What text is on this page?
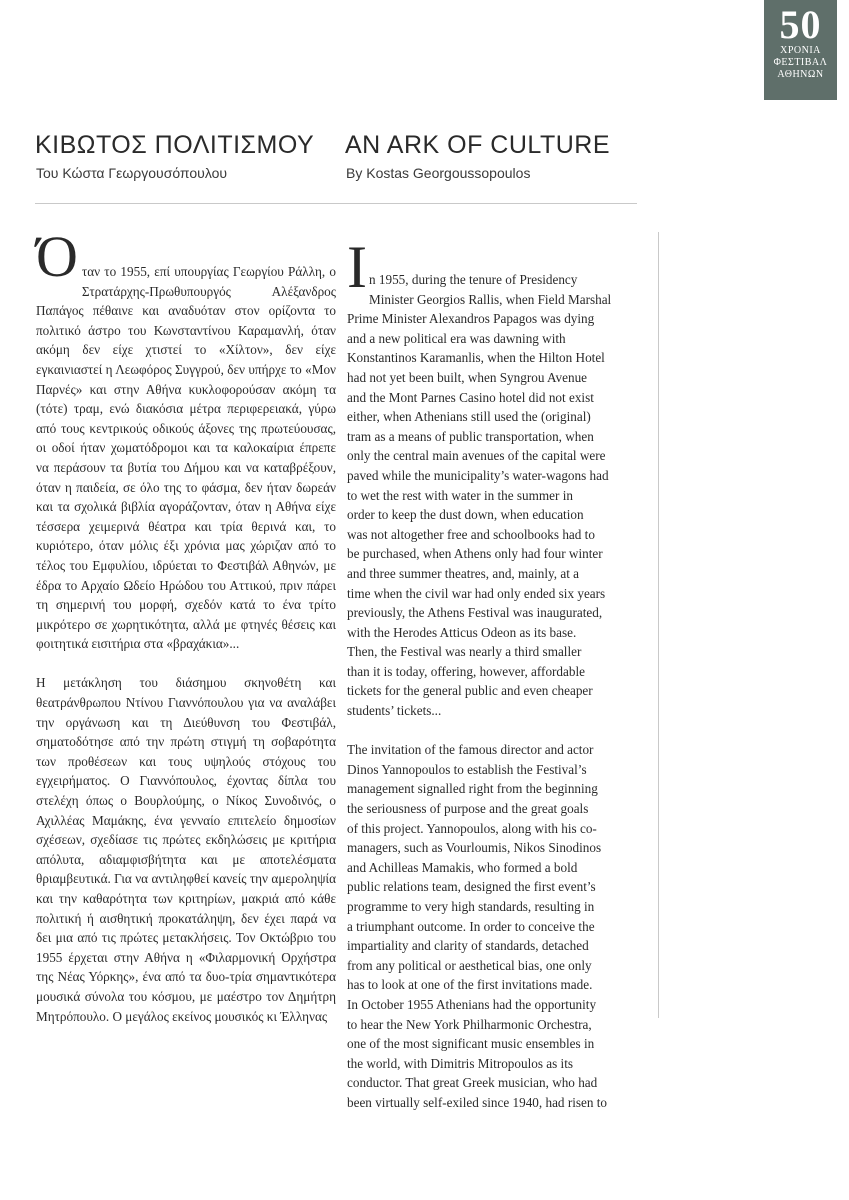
50
ΧΡΟΝΙΑ
ΦΕΣΤΙΒΑΛ
ΑΘΗΝΩΝ
ΚΙΒΩΤΟΣ ΠΟΛΙΤΙΣΜΟΥ AN ARK OF CULTURE
Του Κώστα Γεωργουσόπουλου	By Kostas Georgoussopoulos

Όταν το 1955, επί υπουργίας Γεωργίου Ράλλη, ο Στρατάρχης-Πρωθυπουργός Αλέξανδρος Παπάγος πέθαινε και αναδυόταν στον ορίζοντα το πολιτικό άστρο του Κωνσταντίνου Καραμανλή, όταν ακόμη δεν είχε χτιστεί το «Χίλτον», δεν είχε εγκαινιαστεί η Λεωφόρος Συγγρού, δεν υπήρχε το «Μον Παρνές» και στην Αθήνα κυκλοφορούσαν ακόμη τα (τότε) τραμ, ενώ διακόσια μέτρα περιφερειακά, γύρω από τους κεντρικούς οδικούς άξονες της πρωτεύουσας, οι οδοί ήταν χωματόδρομοι και τα καλοκαίρια έπρεπε να περάσουν τα βυτία του Δήμου και να καταβρέξουν, όταν η παιδεία, σε όλο της το φάσμα, δεν ήταν δωρεάν και τα σχολικά βιβλία αγοράζονταν, όταν η Αθήνα είχε τέσσερα χειμερινά θέατρα και τρία θερινά και, το κυριότερο, όταν μόλις έξι χρόνια μας χώριζαν από το τέλος του Εμφυλίου, ιδρύεται το Φεστιβάλ Αθηνών, με έδρα το Αρχαίο Ωδείο Ηρώδου του Αττικού, πριν πάρει τη σημερινή του μορφή, σχεδόν κατά το ένα τρίτο μικρότερο σε χωρητικότητα, αλλά με φτηνές θέσεις και φοιτητικά εισιτήρια στα «βραχάκια»...

Η μετάκληση του διάσημου σκηνοθέτη και θεατράνθρωπου Ντίνου Γιαννόπουλου για να αναλάβει την οργάνωση και τη Διεύθυνση του Φεστιβάλ, σηματοδότησε από την πρώτη στιγμή τη σοβαρότητα των προθέσεων και τους υψηλούς στόχους του εγχειρήματος. Ο Γιαννόπουλος, έχοντας δίπλα του στελέχη όπως ο Βουρλούμης, ο Νίκος Συνοδινός, ο Αχιλλέας Μαμάκης, ένα γενναίο επιτελείο δημοσίων σχέσεων, σχεδίασε τις πρώτες εκδηλώσεις με κριτήρια απόλυτα, αδιαμφισβήτητα και με αποτελέσματα θριαμβευτικά. Για να αντιληφθεί κανείς την αμεροληψία και την καθαρότητα των κριτηρίων, μακριά από κάθε πολιτική ή αισθητική προκατάληψη, δεν έχει παρά να δει μια από τις πρώτες μετακλήσεις. Τον Οκτώβριο του 1955 έρχεται στην Αθήνα η «Φιλαρμονική Ορχήστρα της Νέας Υόρκης», ένα από τα δυο-τρία σημαντικότερα μουσικά σύνολα του κόσμου, με μαέστρο τον Δημήτρη Μητρόπουλο. Ο μεγάλος εκείνος μουσικός κι Έλληνας

In 1955, during the tenure of Presidency
Minister Georgios Rallis, when Field Marshal
Prime Minister Alexandros Papagos was dying
and a new political era was dawning with
Konstantinos Karamanlis, when the Hilton Hotel
had not yet been built, when Syngrou Avenue
and the Mont Parnes Casino hotel did not exist
either, when Athenians still used the (original)
tram as a means of public transportation, when
only the central main avenues of the capital were
paved while the municipality’s water-wagons had
to wet the rest with water in the summer in
order to keep the dust down, when education
was not altogether free and schoolbooks had to
be purchased, when Athens only had four winter
and three summer theatres, and, mainly, at a
time when the civil war had only ended six years
previously, the Athens Festival was inaugurated,
with the Herodes Atticus Odeon as its base.
Then, the Festival was nearly a third smaller
than it is today, offering, however, affordable
tickets for the general public and even cheaper
students’ tickets...

The invitation of the famous director and actor
Dinos Yannopoulos to establish the Festival’s
management signalled right from the beginning
the seriousness of purpose and the great goals
of this project. Yannopoulos, along with his co-
managers, such as Vourloumis, Nikos Sinodinos
and Achilleas Mamakis, who formed a bold
public relations team, designed the first event’s
programme to very high standards, resulting in
a triumphant outcome. In order to conceive the
impartiality and clarity of standards, detached
from any political or aesthetical bias, one only
has to look at one of the first invitations made.
In October 1955 Athenians had the opportunity
to hear the New York Philharmonic Orchestra,
one of the most significant music ensembles in
the world, with Dimitris Mitropoulos as its
conductor. That great Greek musician, who had
been virtually self-exiled since 1940, had risen to
